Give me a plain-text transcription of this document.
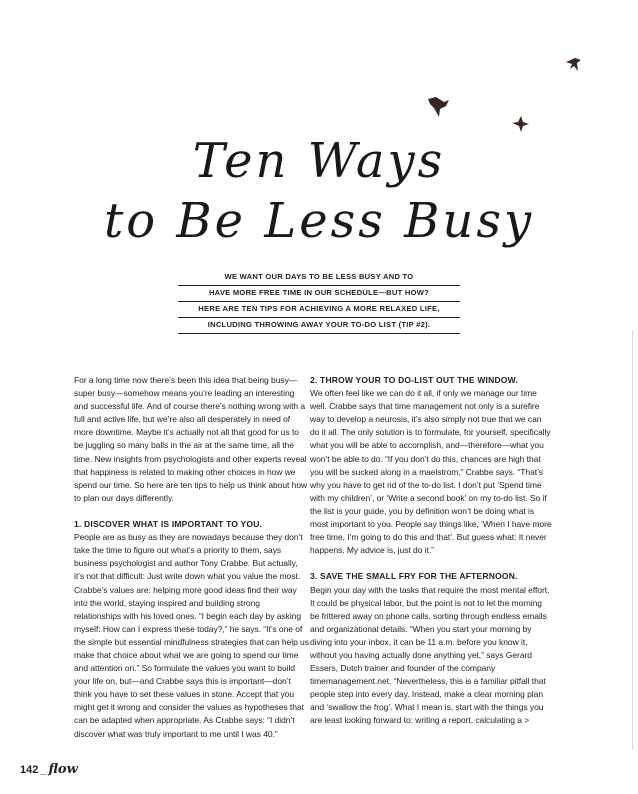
Ten Ways
to Be Less Busy
WE WANT OUR DAYS TO BE LESS BUSY AND TO
HAVE MORE FREE TIME IN OUR SCHEDULE—BUT HOW?
HERE ARE TEN TIPS FOR ACHIEVING A MORE RELAXED LIFE,
INCLUDING THROWING AWAY YOUR TO-DO LIST (TIP #2).

For a long time now there’s been this idea that being busy—super busy—somehow means you’re leading an interesting and successful life. And of course there’s nothing wrong with a full and active life, but we’re also all desperately in need of more downtime. Maybe it’s actually not all that good for us to be juggling so many balls in the air at the same time, all the time. New insights from psychologists and other experts reveal that happiness is related to making other choices in how we spend our time. So here are ten tips to help us think about how to plan our days differently.

1. DISCOVER WHAT IS IMPORTANT TO YOU.

People are as busy as they are nowadays because they don’t take the time to figure out what’s a priority to them, says business psychologist and author Tony Crabbe. But actually, it’s not that difficult: Just write down what you value the most. Crabbe’s values are: helping more good ideas find their way into the world, staying inspired and building strong relationships with his loved ones. “I begin each day by asking myself: How can I express these today?,” he says. “It’s one of the simple but essential mindfulness strategies that can help us make that choice about what we are going to spend our time and attention on.” So formulate the values you want to build your life on, but—and Crabbe says this is important—don’t think you have to set these values in stone. Accept that you might get it wrong and consider the values as hypotheses that can be adapted when appropriate. As Crabbe says: “I didn’t discover what was truly important to me until I was 40.”

2. THROW YOUR TO DO-LIST OUT THE WINDOW.

We often feel like we can do it all, if only we manage our time well. Crabbe says that time management not only is a surefire way to develop a neurosis, it’s also simply not true that we can do it all. The only solution is to formulate, for yourself, specifically what you will be able to accomplish, and—therefore—what you won’t be able to do. “If you don’t do this, chances are high that you will be sucked along in a maelstrom,” Crabbe says. “That’s why you have to get rid of the to-do list. I don’t put ‘Spend time with my children’, or ‘Write a second book’ on my to-do list. So if the list is your guide, you by definition won’t be doing what is most important to you. People say things like, ‘When I have more free time, I’m going to do this and that’. But guess what: It never happens. My advice is, just do it.”

3. SAVE THE SMALL FRY FOR THE AFTERNOON.

Begin your day with the tasks that require the most mental effort. It could be physical labor, but the point is not to let the morning be frittered away on phone calls, sorting through endless emails and organizational details. “When you start your morning by diving into your inbox, it can be 11 a.m. before you know it, without you having actually done anything yet,” says Gerard Essers, Dutch trainer and founder of the company timemanagement.net. “Nevertheless, this is a familiar pitfall that people step into every day. Instead, make a clear morning plan and ‘swallow the frog’. What I mean is, start with the things you are least looking forward to: writing a report, calculating a >

142 _ flow
